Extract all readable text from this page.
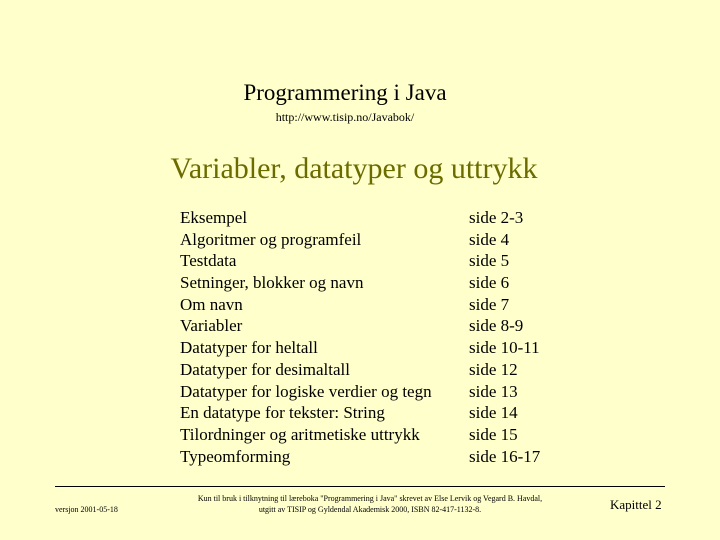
Programmering i Java
http://www.tisip.no/Javabok/
Variabler, datatyper og uttrykk
Eksempel	side 2-3
Algoritmer og programfeil	side 4
Testdata	side 5
Setninger, blokker og navn	side 6
Om navn	side 7
Variabler	side 8-9
Datatyper for heltall	side 10-11
Datatyper for desimaltall	side 12
Datatyper for logiske verdier og tegn side 13
En datatype for tekster: String	side 14
Tilordninger og aritmetiske uttrykk	side 15
Typeomforming	side 16-17
versjon 2001-05-18
Kun til bruk i tilknytning til læreboka "Programmering i Java" skrevet av Else Lervik og Vegard B. Havdal,
utgitt av TISIP og Gyldendal Akademisk 2000, ISBN 82-417-1132-8.	Kapittel 2
